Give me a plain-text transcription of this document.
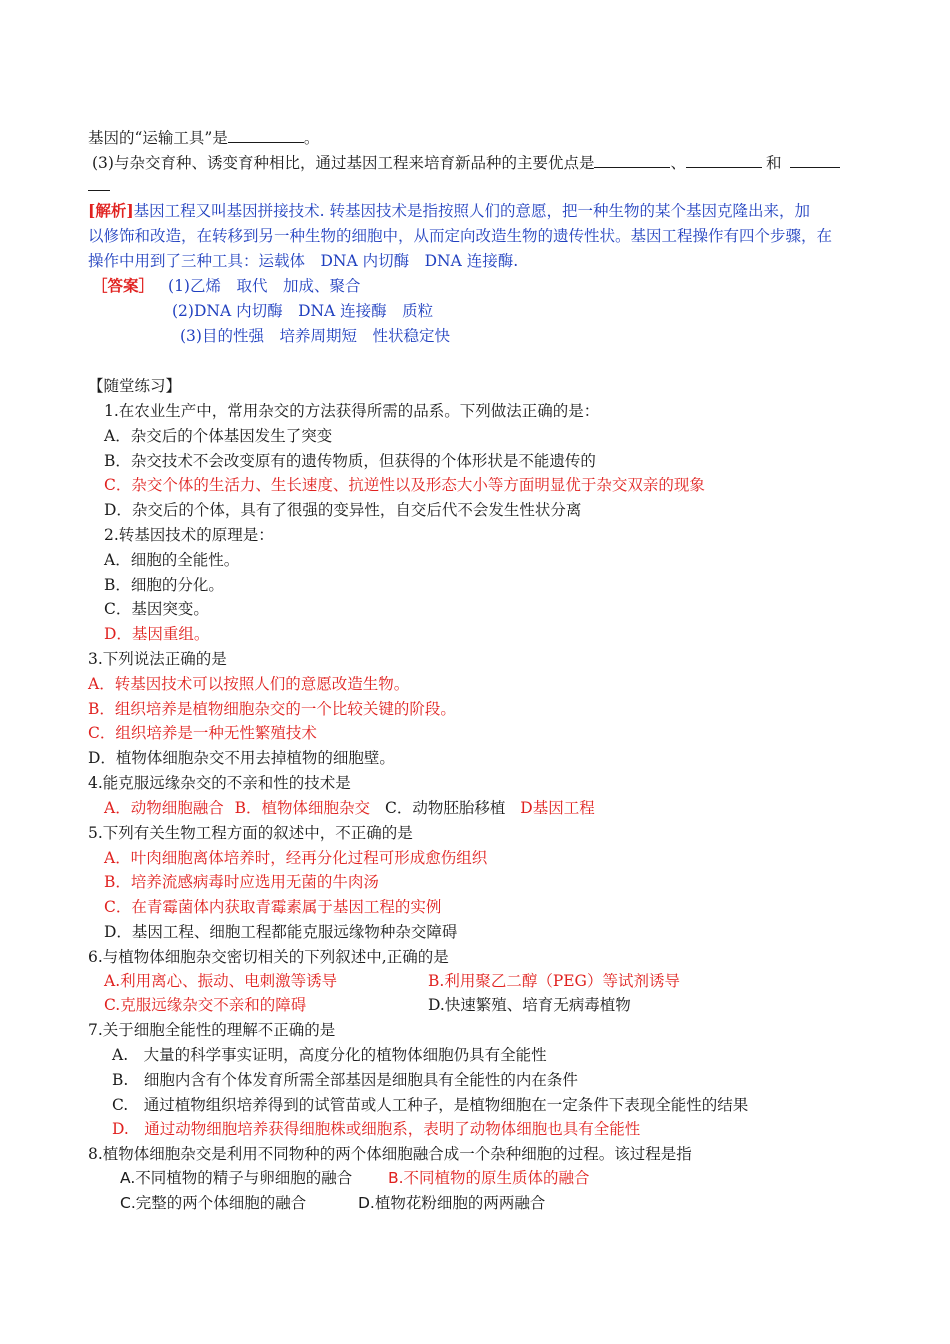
基因的“运输工具”是	。
(3)与杂交育种、诱变育种相比，通过基因工程来培育新品种的主要优点是	、	和
[解析]基因工程又叫基因拼接技术. 转基因技术是指按照人们的意愿，把一种生物的某个基因克隆出来，加
以修饰和改造，在转移到另一种生物的细胞中，从而定向改造生物的遗传性状。基因工程操作有四个步骤，在
操作中用到了三种工具：运载体　DNA 内切酶　DNA 连接酶.
［答案］ (1)乙烯　取代　加成、聚合
(2)DNA 内切酶　DNA 连接酶　质粒
(3)目的性强　培养周期短　性状稳定快
【随堂练习】
1.在农业生产中，常用杂交的方法获得所需的品系。下列做法正确的是：
A．杂交后的个体基因发生了突变
B．杂交技术不会改变原有的遗传物质，但获得的个体形状是不能遗传的
C．杂交个体的生活力、生长速度、抗逆性以及形态大小等方面明显优于杂交双亲的现象
D．杂交后的个体，具有了很强的变异性，自交后代不会发生性状分离
2.转基因技术的原理是：
A．细胞的全能性。
B．细胞的分化。
C．基因突变。
D．基因重组。
3.下列说法正确的是
A．转基因技术可以按照人们的意愿改造生物。
B．组织培养是植物细胞杂交的一个比较关键的阶段。
C．组织培养是一种无性繁殖技术
D．植物体细胞杂交不用去掉植物的细胞壁。
4.能克服远缘杂交的不亲和性的技术是
A．动物细胞融合 B．植物体细胞杂交 C．动物胚胎移植 D基因工程
5.下列有关生物工程方面的叙述中，不正确的是
A．叶肉细胞离体培养时，经再分化过程可形成愈伤组织
B．培养流感病毒时应选用无菌的牛肉汤
C．在青霉菌体内获取青霉素属于基因工程的实例
D．基因工程、细胞工程都能克服远缘物种杂交障碍
6.与植物体细胞杂交密切相关的下列叙述中,正确的是
A.利用离心、振动、电刺激等诱导	B.利用聚乙二醇（PEG）等试剂诱导
C.克服远缘杂交不亲和的障碍	D.快速繁殖、培育无病毒植物
7.关于细胞全能性的理解不正确的是
A.　大量的科学事实证明，高度分化的植物体细胞仍具有全能性
B.　细胞内含有个体发育所需全部基因是细胞具有全能性的内在条件
C.　通过植物组织培养得到的试管苗或人工种子，是植物细胞在一定条件下表现全能性的结果
D.　通过动物细胞培养获得细胞株或细胞系，表明了动物体细胞也具有全能性
8.植物体细胞杂交是利用不同物种的两个体细胞融合成一个杂种细胞的过程。该过程是指
A.不同植物的精子与卵细胞的融合 B.不同植物的原生质体的融合
C.完整的两个体细胞的融合	D.植物花粉细胞的两两融合
